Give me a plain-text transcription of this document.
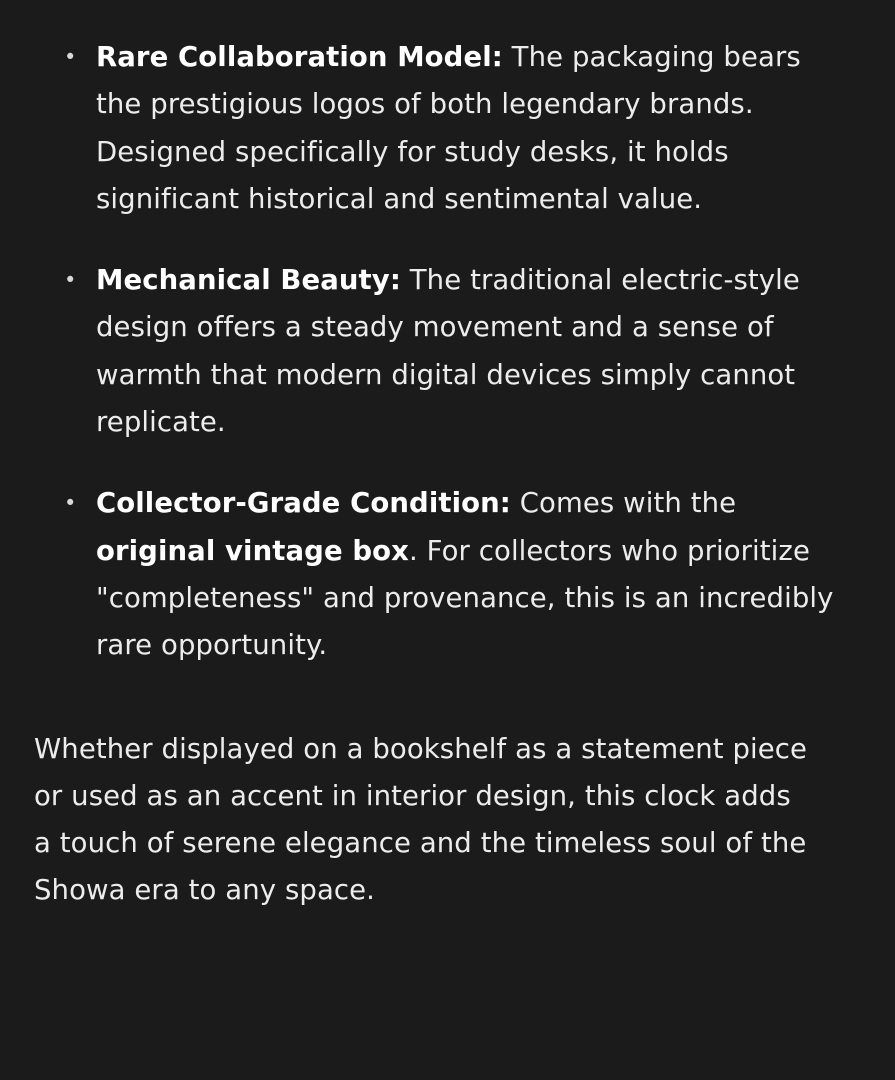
• Rare Collaboration Model: The packaging bears the prestigious logos of both legendary brands. Designed specifically for study desks, it holds significant historical and sentimental value.
• Mechanical Beauty: The traditional electric-style design offers a steady movement and a sense of warmth that modern digital devices simply cannot replicate.
• Collector-Grade Condition: Comes with the original vintage box. For collectors who prioritize "completeness" and provenance, this is an incredibly rare opportunity.

Whether displayed on a bookshelf as a statement piece or used as an accent in interior design, this clock adds a touch of serene elegance and the timeless soul of the Showa era to any space.
